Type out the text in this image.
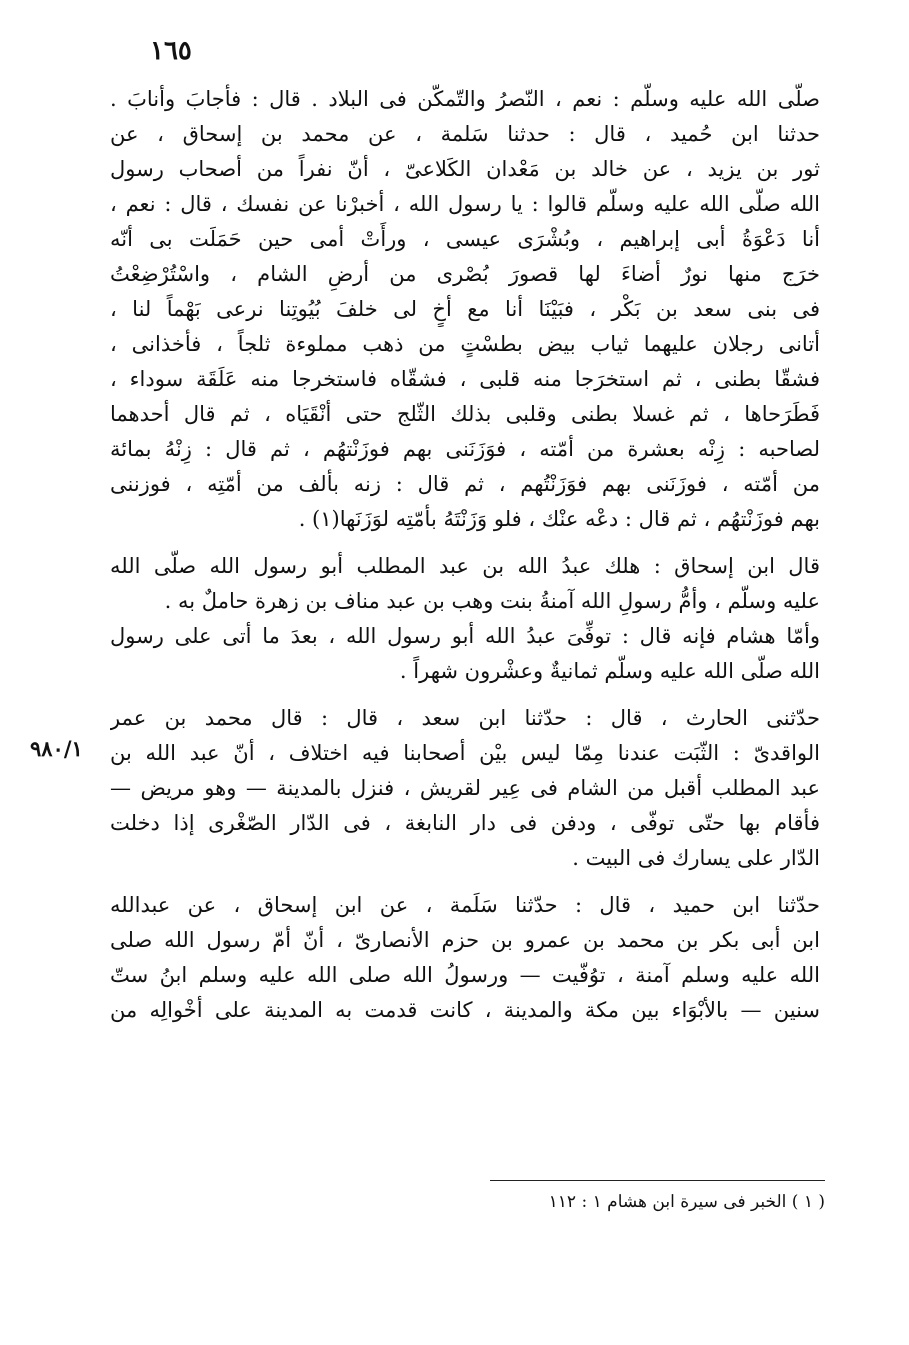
١٦٥
٩٨٠/١
صلّى الله عليه وسلّم : نعم ، النّصرُ والتّمكّن فى البلاد . قال : فأجابَ وأنابَ .
حدثنا ابن حُميد ، قال : حدثنا سَلمة ، عن محمد بن إسحاق ، عن
ثور بن يزيد ، عن خالد بن مَعْدان الكَلاعىّ ، أنّ نفراً من أصحاب رسول
الله صلّى الله عليه وسلّم قالوا : يا رسول الله ، أخبرْنا عن نفسك ، قال : نعم ،
أنا دَعْوَةُ أبى إبراهيم ، وبُشْرَى عيسى ، ورأَتْ أمى حين حَمَلَت بى أنّه
خرَج منها نورٌ أضاءَ لها قصورَ بُصْرى من أرضِ الشام ، واسْتُرْضِعْتُ
فى بنى سعد بن بَكْر ، فبَيْنَا أنا مع أخٍ لى خلفَ بُيُوتِنا نرعى بَهْماً لنا ،
أتانى رجلان عليهما ثياب بيض بطسْتٍ من ذهب مملوءة ثلجاً ، فأخذانى ،
فشقّا بطنى ، ثم استخرَجا منه قلبى ، فشقّاه فاستخرجا منه عَلَقَة سوداء ،
فَطَرَحاها ، ثم غسلا بطنى وقلبى بذلك الثّلج حتى أنْقَيَاه ، ثم قال أحدهما
لصاحبه : زِنْه بعشرة من أمّته ، فوَزَنَنى بهم فوزَنْتهُم ، ثم قال : زِنْهُ بمائة
من أمّته ، فوزَنَنى بهم فوَزَنْتُهم ، ثم قال : زنه بألف من أمّتِه ، فوزننى
بهم فوزَنْتهُم ، ثم قال : دعْه عنْك ، فلو وَزَنْتَهُ بأمّتِه لوَزَنَها(١) .
قال ابن إسحاق : هلك عبدُ الله بن عبد المطلب أبو رسول الله صلّى الله
عليه وسلّم ، وأمُّ رسولِ الله آمنةُ بنت وهب بن عبد مناف بن زهرة حاملٌ به .
وأمّا هشام فإنه قال : توفِّىَ عبدُ الله أبو رسول الله ، بعدَ ما أتى على رسول
الله صلّى الله عليه وسلّم ثمانيةٌ وعشْرون شهراً .
حدّثنى الحارث ، قال : حدّثنا ابن سعد ، قال : قال محمد بن عمر
الواقدىّ : الثّبَت عندنا مِمّا ليس بيْن أصحابنا فيه اختلاف ، أنّ عبد الله بن
عبد المطلب أقبل من الشام فى عِير لقريش ، فنزل بالمدينة — وهو مريض —
فأقام بها حتّى توفّى ، ودفن فى دار النابغة ، فى الدّار الصّغْرى إذا دخلت
الدّار على يسارك فى البيت .
حدّثنا ابن حميد ، قال : حدّثنا سَلَمة ، عن ابن إسحاق ، عن عبدالله
ابن أبى بكر بن محمد بن عمرو بن حزم الأنصارىّ ، أنّ أمّ رسول الله صلى
الله عليه وسلم آمنة ، توُفّيت — ورسولُ الله صلى الله عليه وسلم ابنُ ستّ
سنين — بالأبْوَاء بين مكة والمدينة ، كانت قدمت به المدينة على أخْوالِه من
( ١ ) الخبر فى سيرة ابن هشام ١ : ١١٢
